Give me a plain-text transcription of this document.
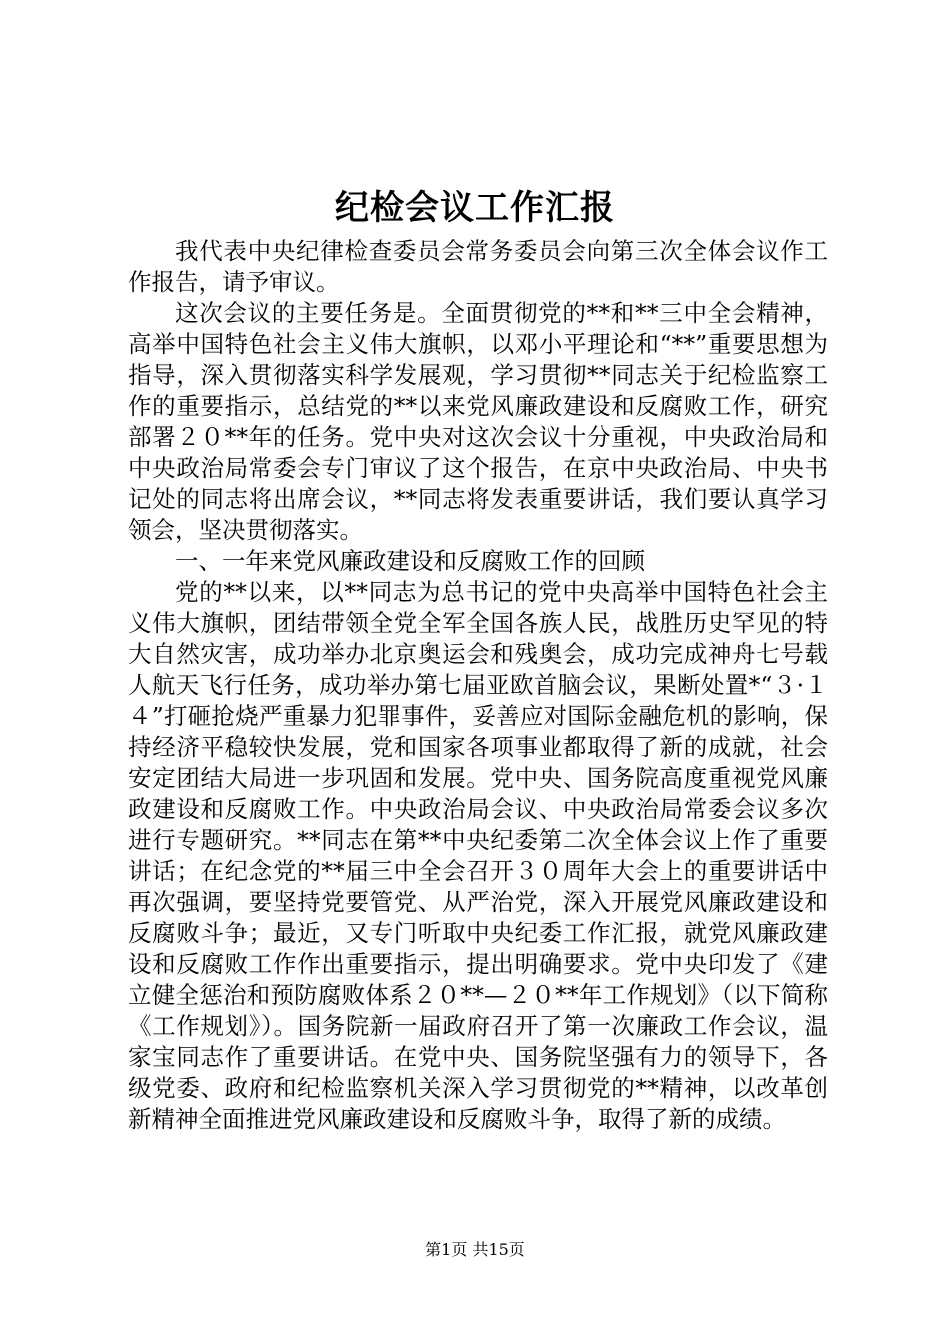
纪检会议工作汇报

我代表中央纪律检查委员会常务委员会向第三次全体会议作工作报告，请予审议。

这次会议的主要任务是。全面贯彻党的**和**三中全会精神，高举中国特色社会主义伟大旗帜，以邓小平理论和“**”重要思想为指导，深入贯彻落实科学发展观，学习贯彻**同志关于纪检监察工作的重要指示，总结党的**以来党风廉政建设和反腐败工作，研究部署２０**年的任务。党中央对这次会议十分重视，中央政治局和中央政治局常委会专门审议了这个报告，在京中央政治局、中央书记处的同志将出席会议，**同志将发表重要讲话，我们要认真学习领会，坚决贯彻落实。

一、一年来党风廉政建设和反腐败工作的回顾

党的**以来，以**同志为总书记的党中央高举中国特色社会主义伟大旗帜，团结带领全党全军全国各族人民，战胜历史罕见的特大自然灾害，成功举办北京奥运会和残奥会，成功完成神舟七号载人航天飞行任务，成功举办第七届亚欧首脑会议，果断处置*“３·１４”打砸抢烧严重暴力犯罪事件，妥善应对国际金融危机的影响，保持经济平稳较快发展，党和国家各项事业都取得了新的成就，社会安定团结大局进一步巩固和发展。党中央、国务院高度重视党风廉政建设和反腐败工作。中央政治局会议、中央政治局常委会议多次进行专题研究。**同志在第**中央纪委第二次全体会议上作了重要讲话；在纪念党的**届三中全会召开３０周年大会上的重要讲话中再次强调，要坚持党要管党、从严治党，深入开展党风廉政建设和反腐败斗争；最近，又专门听取中央纪委工作汇报，就党风廉政建设和反腐败工作作出重要指示，提出明确要求。党中央印发了《建立健全惩治和预防腐败体系２０**—２０**年工作规划》（以下简称《工作规划》）。国务院新一届政府召开了第一次廉政工作会议，温家宝同志作了重要讲话。在党中央、国务院坚强有力的领导下，各级党委、政府和纪检监察机关深入学习贯彻党的**精神，以改革创新精神全面推进党风廉政建设和反腐败斗争，取得了新的成绩。

第1页 共15页
